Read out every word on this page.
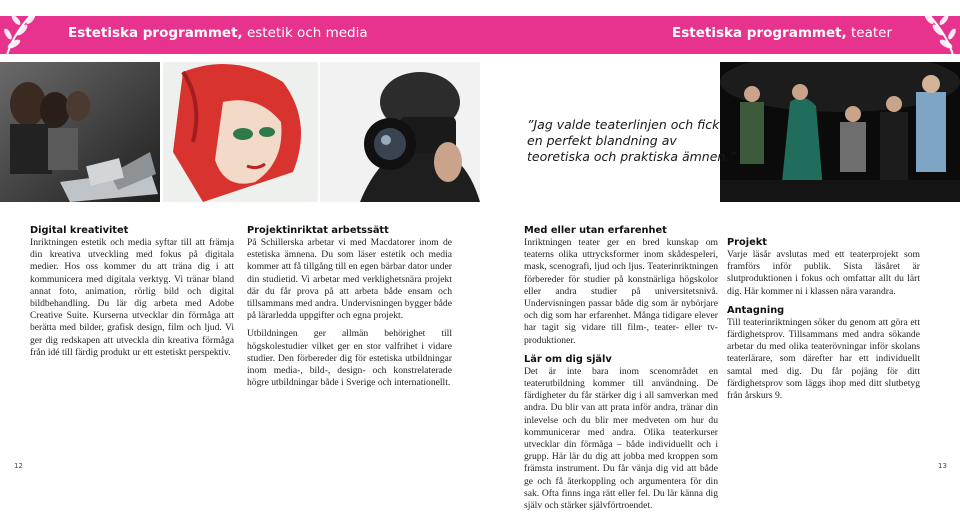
Estetiska programmet, estetik och media	Estetiska programmet, teater
”Jag valde teaterlinjen och fick en perfekt blandning av teoretiska och praktiska ämnen.”
Digital kreativitet

Inriktningen estetik och media syftar till att främja din kreativa utveckling med fokus på digitala medier. Hos oss kommer du att träna dig i att kommunicera med digitala verktyg. Vi tränar bland annat foto, animation, rörlig bild och digital bildbehandling. Du lär dig arbeta med Adobe Creative Suite. Kurserna utvecklar din förmåga att berätta med bilder, grafisk design, film och ljud. Vi ger dig redskapen att utveckla din kreativa förmåga från idé till färdig produkt ur ett estetiskt perspektiv.

Projektinriktat arbetssätt

På Schillerska arbetar vi med Macdatorer inom de estetiska ämnena. Du som läser estetik och media kommer att få tillgång till en egen bärbar dator under din studietid. Vi arbetar med verklighetsnära projekt där du får prova på att arbeta både ensam och tillsammans med andra. Undervisningen bygger både på lärarledda uppgifter och egna projekt.

Utbildningen ger allmän behörighet till högskolestudier vilket ger en stor valfrihet i vidare studier. Den förbereder dig för estetiska utbildningar inom media-, bild-, design- och konstrelaterade högre utbildningar både i Sverige och internationellt.

Med eller utan erfarenhet

Inriktningen teater ger en bred kunskap om teaterns olika uttrycksformer inom skådespeleri, mask, scenografi, ljud och ljus. Teaterinriktningen förbereder för studier på konstnärliga högskolor eller andra studier på universitetsnivå. Undervisningen passar både dig som är nybörjare och dig som har erfarenhet. Många tidigare elever har tagit sig vidare till film-, teater- eller tv-produktioner.

Lär om dig själv

Det är inte bara inom scenområdet en teaterutbildning kommer till användning. De färdigheter du får stärker dig i all samverkan med andra. Du blir van att prata inför andra, tränar din inlevelse och du blir mer medveten om hur du kommunicerar med andra. Olika teaterkurser utvecklar din förmåga – både individuellt och i grupp. Här lär du dig att jobba med kroppen som främsta instrument. Du får vänja dig vid att både ge och få återkoppling och argumentera för din sak. Ofta finns inga rätt eller fel. Du lär känna dig själv och stärker självförtroendet.

Projekt

Varje läsår avslutas med ett teaterprojekt som framförs inför publik. Sista läsåret är slutproduktionen i fokus och omfattar allt du lärt dig. Här kommer ni i klassen nära varandra.

Antagning

Till teaterinriktningen söker du genom att göra ett färdighetsprov. Tillsammans med andra sökande arbetar du med olika teaterövningar inför skolans teaterlärare, som därefter har ett individuellt samtal med dig. Du får pojäng för ditt färdighetsprov som läggs ihop med ditt slutbetyg från årskurs 9.

12	13
